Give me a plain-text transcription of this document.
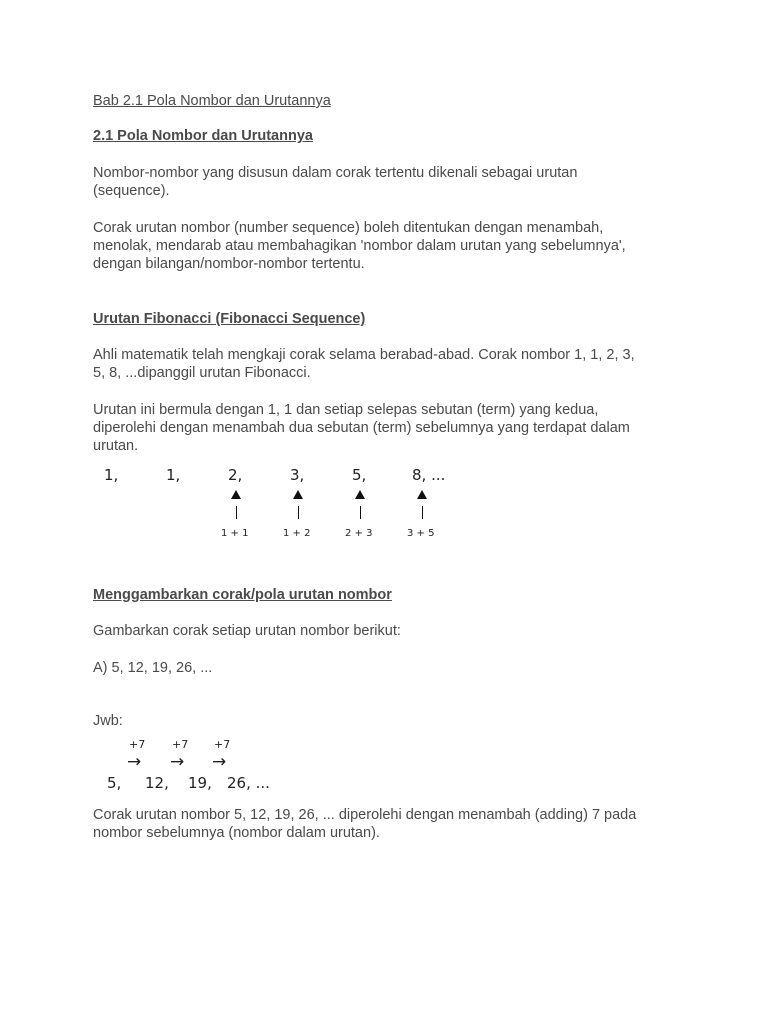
Bab 2.1 Pola Nombor dan Urutannya

2.1 Pola Nombor dan Urutannya

Nombor-nombor yang disusun dalam corak tertentu dikenali sebagai urutan

(sequence).

Corak urutan nombor (number sequence) boleh ditentukan dengan menambah,

menolak, mendarab atau membahagikan 'nombor dalam urutan yang sebelumnya',

dengan bilangan/nombor-nombor tertentu.

Urutan Fibonacci (Fibonacci Sequence)

Ahli matematik telah mengkaji corak selama berabad-abad. Corak nombor 1, 1, 2, 3,

5, 8, ...dipanggil urutan Fibonacci.

Urutan ini bermula dengan 1, 1 dan setiap selepas sebutan (term) yang kedua,

diperolehi dengan menambah dua sebutan (term) sebelumnya yang terdapat dalam

urutan.

1,	1,	2,	3,	5,	8, ...
1 + 1	1 + 2	2 + 3	3 + 5

Menggambarkan corak/pola urutan nombor

Gambarkan corak setiap urutan nombor berikut:

A) 5, 12, 19, 26, ...

Jwb:

+7 +7 +7
→ → →
5, 12, 19, 26, ...

Corak urutan nombor 5, 12, 19, 26, ... diperolehi dengan menambah (adding) 7 pada

nombor sebelumnya (nombor dalam urutan).
